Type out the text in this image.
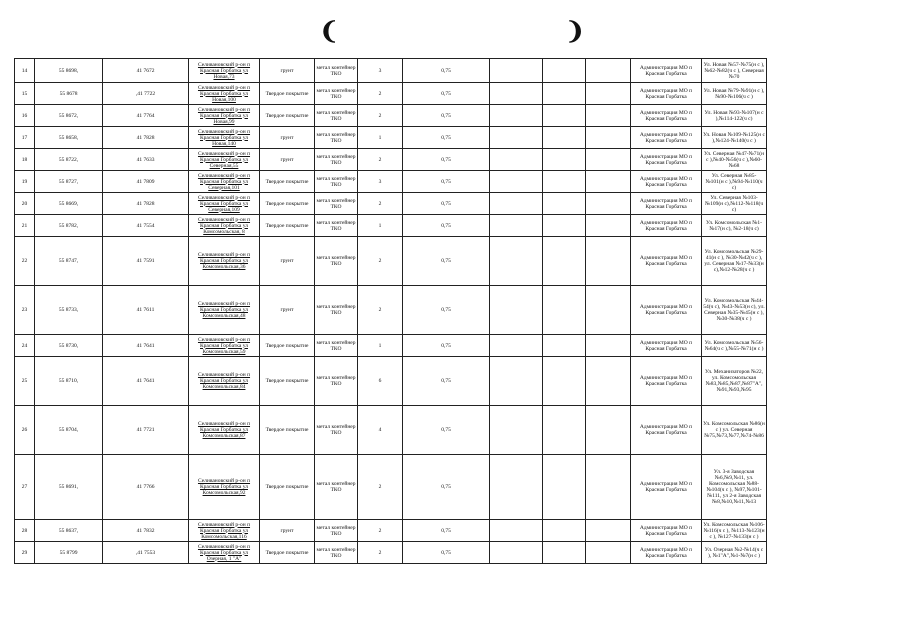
❨	❩
14	55 8698,	41 7672	Селивановский р-он п Красная Горбатка ул Новая,73	грунт	метал контейнер ТКО	3	0,75				Администрация МО п Красная Горбатка	Ул. Новая №57-№75(н с ),№62-№82(ч с ), Северная №70
15	55 8678	,41 7722	Селивановский р-он п Красная Горбатка ул Новая,100	Твердое покрытие	метал контейнер ТКО	2	0,75				Администрация МО п Красная Горбатка	Ул. Новая №79-№91(н с ),№90-№106(ч с )
16	55 8672,	41 7764	Селивановский р-он п Красная Горбатка ул Новая,99	Твердое покрытие	метал контейнер ТКО	2	0,75				Администрация МО п Красная Горбатка	Ул. Новая №93-№107(н с ),№114-122(ч с)
17	55 8658,	41 7828	Селивановский р-он п Красная Горбатка ул Новая,140	грунт	метал контейнер ТКО	1	0,75				Администрация МО п Красная Горбатка	Ул. Новая №109-№125(н с ),№124-№140(ч с )
18	55 8722,	41 7633	Селивановский р-он п Красная Горбатка ул Северная,55	грунт	метал контейнер ТКО	2	0,75				Администрация МО п Красная Горбатка	Ул. Северная №47-№71(н с ),№40-№56(ч с ),№60-№68
19	55 8727,	41 7809	Селивановский р-он п Красная Горбатка ул Северная,101	Твердое покрытие	метал контейнер ТКО	3	0,75				Администрация МО п Красная Горбатка	Ул. Северная №85-№101(н с ),№94-№110(ч с)
20	55 8669,	41 7828	Селивановский р-он п Красная Горбатка ул Северная,109	Твердое покрытие	метал контейнер ТКО	2	0,75				Администрация МО п Красная Горбатка	Ул. Северная №103-№109(н с),№112-№118(ч с)
21	55 8782,	41 7554	Селивановский р-он п Красная Горбатка ул Комсомольская, 8	Твердое покрытие	метал контейнер ТКО	1	0,75				Администрация МО п Красная Горбатка	Ул. Комсомольская №1-№17(н с), №2-18(ч с)
22	55 8747,	41 7591	Селивановский р-он п Красная Горбатка ул Комсомольская,36	грунт	метал контейнер ТКО	2	0,75				Администрация МО п Красная Горбатка	Ул. Комсомольская №29-41(н с ), №30-№42(ч с ), ул. Северная №17-№33(н с),№12-№28(ч с )
23	55 8733,	41 7611	Селивановский р-он п Красная Горбатка ул Комсомольская,48	грунт	метал контейнер ТКО	2	0,75				Администрация МО п Красная Горбатка	Ул. Комсомольская №44-54(ч с), №43-№53(н с), ул. Северная №35-№45(н с ), №30-№38(ч с )
24	55 8730,	41 7641	Селивановский р-он п Красная Горбатка ул Комсомольская,59	Твердое покрытие	метал контейнер ТКО	1	0,75				Администрация МО п Красная Горбатка	Ул. Комсомольская №56-№64(ч с ),№55-№71(н с )
25	55 8710,	41 7641	Селивановский р-он п Красная Горбатка ул Комсомольская,84	Твердое покрытие	метал контейнер ТКО	6	0,75				Администрация МО п Красная Горбатка	Ул. Механизаторов №22, ул. Комсомольская №83,№85,№87,№87"А",№91,№93,№95
26	55 8704,	41 7721	Селивановский р-он п Красная Горбатка ул Комсомольская,87	Твердое покрытие	метал контейнер ТКО	4	0,75				Администрация МО п Красная Горбатка	Ул. Комсомольская №86(н с ) ул. Северная №75,№73,№77,№74-№86
27	55 8691,	41 7766	Селивановский р-он п Красная Горбатка ул Комсомольская,92	Твердое покрытие	метал контейнер ТКО	2	0,75				Администрация МО п Красная Горбатка	Ул. 3-я Заводская №6,№9,№11, ул. Комсомольская №88-№104(ч с ), №97,№101-№111, ул 2-я Заводская №8,№10,№11,№13
28	55 8637,	41 7832	Селивановский р-он п Красная Горбатка ул Комсомольская,116	грунт	метал контейнер ТКО	2	0,75				Администрация МО п Красная Горбатка	Ул. Комсомольская №106-№116(ч с ), №113-№123(н с ), №127-№133(н с )
29	55 8799	,41 7553	Селивановский р-он п Красная Горбатка ул Озерная, 1 "А"	Твердое покрытие	метал контейнер ТКО	2	0,75				Администрация МО п Красная Горбатка	Ул. Озерная №2-№14(ч с ), №1"А",№1-№7(н с )
